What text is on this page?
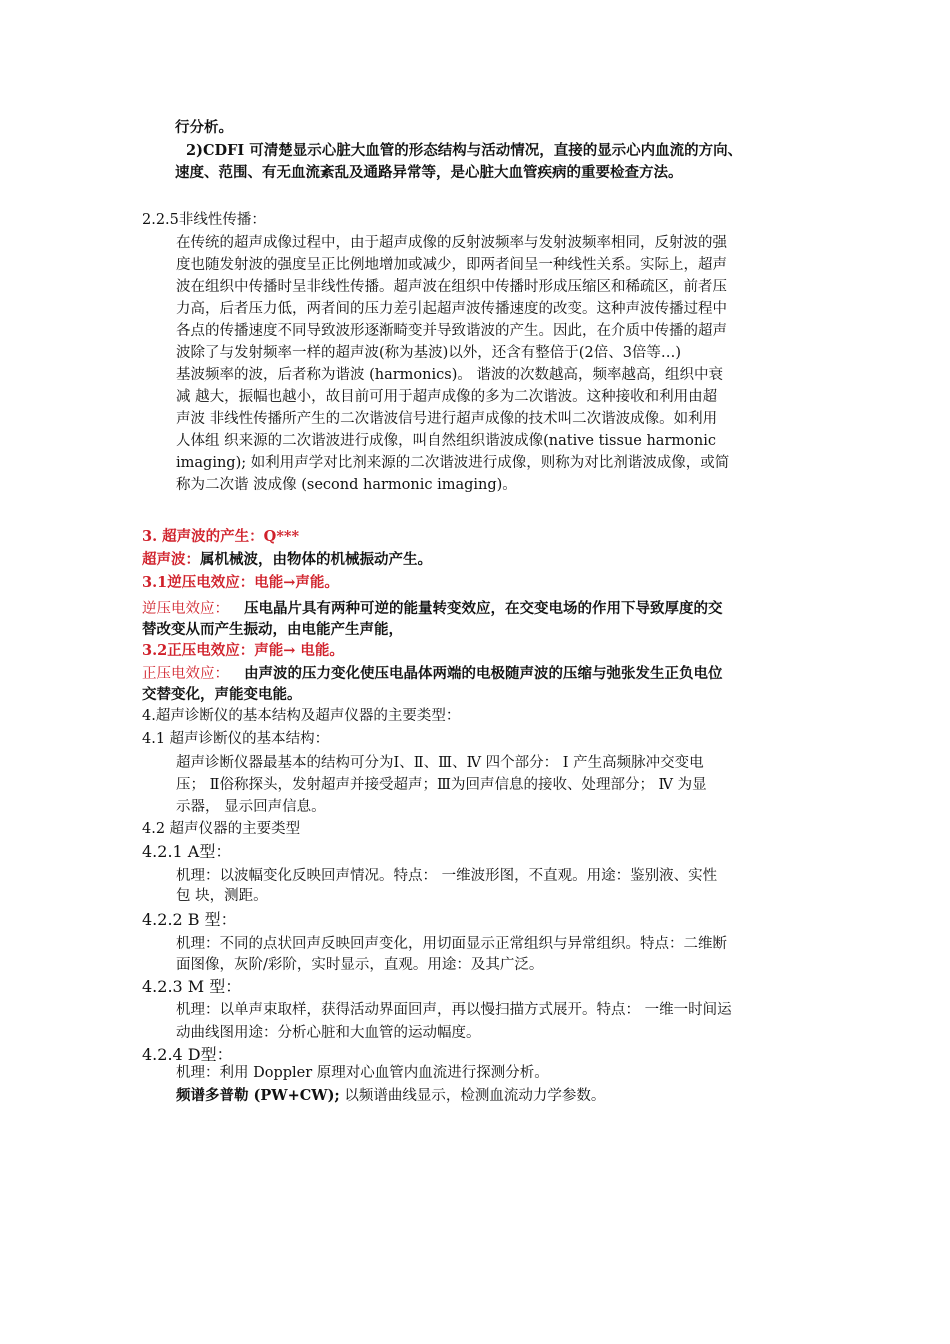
行分析。
2)CDFI 可清楚显示心脏大血管的形态结构与活动情况，直接的显示心内血流的方向、
速度、范围、有无血流紊乱及通路异常等，是心脏大血管疾病的重要检查方法。
2.2.5非线性传播：
在传统的超声成像过程中，由于超声成像的反射波频率与发射波频率相同，反射波的强
度也随发射波的强度呈正比例地增加或减少，即两者间呈一种线性关系。实际上，超声
波在组织中传播时呈非线性传播。超声波在组织中传播时形成压缩区和稀疏区，前者压
力高，后者压力低，两者间的压力差引起超声波传播速度的改变。这种声波传播过程中
各点的传播速度不同导致波形逐渐畸变并导致谐波的产生。因此，在介质中传播的超声
波除了与发射频率一样的超声波(称为基波)以外，还含有整倍于(2倍、3倍等…)
基波频率的波，后者称为谐波 (harmonics)。 谐波的次数越高，频率越高，组织中衰
减 越大，振幅也越小，故目前可用于超声成像的多为二次谐波。这种接收和利用由超
声波 非线性传播所产生的二次谐波信号进行超声成像的技术叫二次谐波成像。如利用
人体组 织来源的二次谐波进行成像，叫自然组织谐波成像(native tissue harmonic
imaging); 如利用声学对比剂来源的二次谐波进行成像，则称为对比剂谐波成像，或简
称为二次谐 波成像 (second harmonic imaging)。
3. 超声波的产生：Q***
超声波：属机械波，由物体的机械振动产生。
3.1逆压电效应：电能→声能。
逆压电效应： 压电晶片具有两种可逆的能量转变效应，在交变电场的作用下导致厚度的交
替改变从而产生振动，由电能产生声能，
3.2正压电效应：声能→ 电能。
正压电效应： 由声波的压力变化使压电晶体两端的电极随声波的压缩与弛张发生正负电位
交替变化，声能变电能。
4.超声诊断仪的基本结构及超声仪器的主要类型：
4.1 超声诊断仪的基本结构：
超声诊断仪器最基本的结构可分为Ⅰ、Ⅱ、Ⅲ、Ⅳ 四个部分： Ⅰ 产生高频脉冲交变电
压； Ⅱ俗称探头，发射超声并接受超声；Ⅲ为回声信息的接收、处理部分； Ⅳ 为显
示器， 显示回声信息。
4.2 超声仪器的主要类型
4.2.1 A型：
机理：以波幅变化反映回声情况。特点： 一维波形图，不直观。用途：鉴别液、实性
包 块，测距。
4.2.2 B 型：
机理：不同的点状回声反映回声变化，用切面显示正常组织与异常组织。特点：二维断
面图像，灰阶/彩阶，实时显示，直观。用途：及其广泛。
4.2.3 M 型：
机理：以单声束取样，获得活动界面回声，再以慢扫描方式展开。特点： 一维一时间运
动曲线图用途：分析心脏和大血管的运动幅度。
4.2.4 D型：
机理：利用 Doppler 原理对心血管内血流进行探测分析。
频谱多普勒 (PW+CW); 以频谱曲线显示，检测血流动力学参数。
